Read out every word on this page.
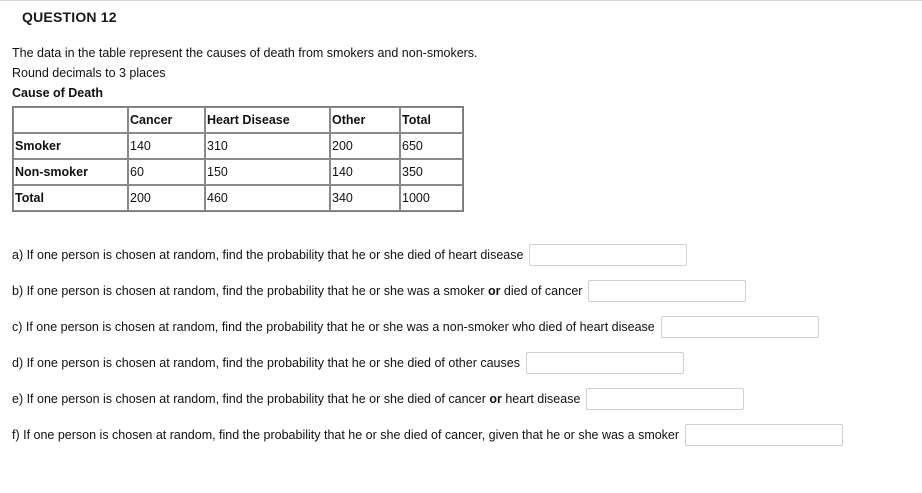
QUESTION 12
The data in the table represent the causes of death from smokers and non-smokers.
Round decimals to 3 places
Cause of Death
	Cancer	Heart Disease	Other	Total
Smoker	140	310	200	650
Non-smoker	60	150	140	350
Total	200	460	340	1000
a) If one person is chosen at random, find the probability that he or she died of heart disease
b) If one person is chosen at random, find the probability that he or she was a smoker or died of cancer
c) If one person is chosen at random, find the probability that he or she was a non-smoker who died of heart disease
d) If one person is chosen at random, find the probability that he or she died of other causes
e) If one person is chosen at random, find the probability that he or she died of cancer or heart disease
f) If one person is chosen at random, find the probability that he or she died of cancer, given that he or she was a smoker
